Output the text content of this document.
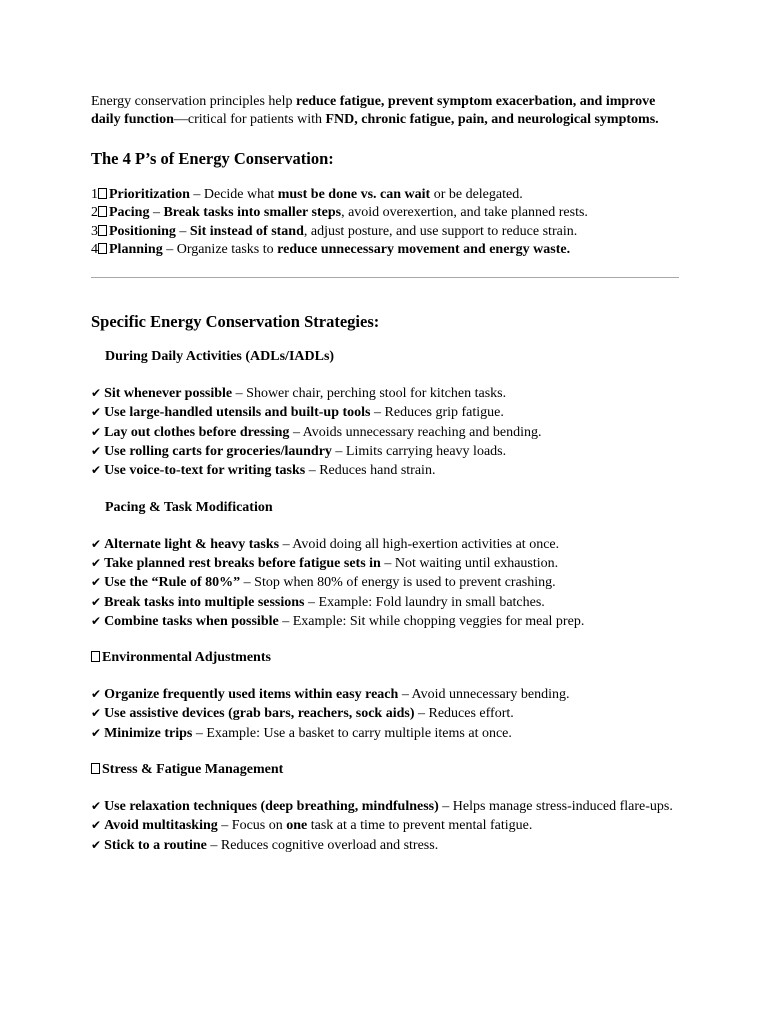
Energy conservation principles help reduce fatigue, prevent symptom exacerbation, and improve daily function—critical for patients with FND, chronic fatigue, pain, and neurological symptoms.

The 4 P’s of Energy Conservation:

1 Prioritization – Decide what must be done vs. can wait or be delegated.

2 Pacing – Break tasks into smaller steps, avoid overexertion, and take planned rests.

3 Positioning – Sit instead of stand, adjust posture, and use support to reduce strain.

4 Planning – Organize tasks to reduce unnecessary movement and energy waste.

Specific Energy Conservation Strategies:

During Daily Activities (ADLs/IADLs)

✔ Sit whenever possible – Shower chair, perching stool for kitchen tasks.

✔ Use large-handled utensils and built-up tools – Reduces grip fatigue.

✔ Lay out clothes before dressing – Avoids unnecessary reaching and bending.

✔ Use rolling carts for groceries/laundry – Limits carrying heavy loads.

✔ Use voice-to-text for writing tasks – Reduces hand strain.

Pacing & Task Modification

✔ Alternate light & heavy tasks – Avoid doing all high-exertion activities at once.

✔ Take planned rest breaks before fatigue sets in – Not waiting until exhaustion.

✔ Use the “Rule of 80%” – Stop when 80% of energy is used to prevent crashing.

✔ Break tasks into multiple sessions – Example: Fold laundry in small batches.

✔ Combine tasks when possible – Example: Sit while chopping veggies for meal prep.

Environmental Adjustments

✔ Organize frequently used items within easy reach – Avoid unnecessary bending.

✔ Use assistive devices (grab bars, reachers, sock aids) – Reduces effort.

✔ Minimize trips – Example: Use a basket to carry multiple items at once.

Stress & Fatigue Management

✔ Use relaxation techniques (deep breathing, mindfulness) – Helps manage stress-induced flare-ups.

✔ Avoid multitasking – Focus on one task at a time to prevent mental fatigue.

✔ Stick to a routine – Reduces cognitive overload and stress.
